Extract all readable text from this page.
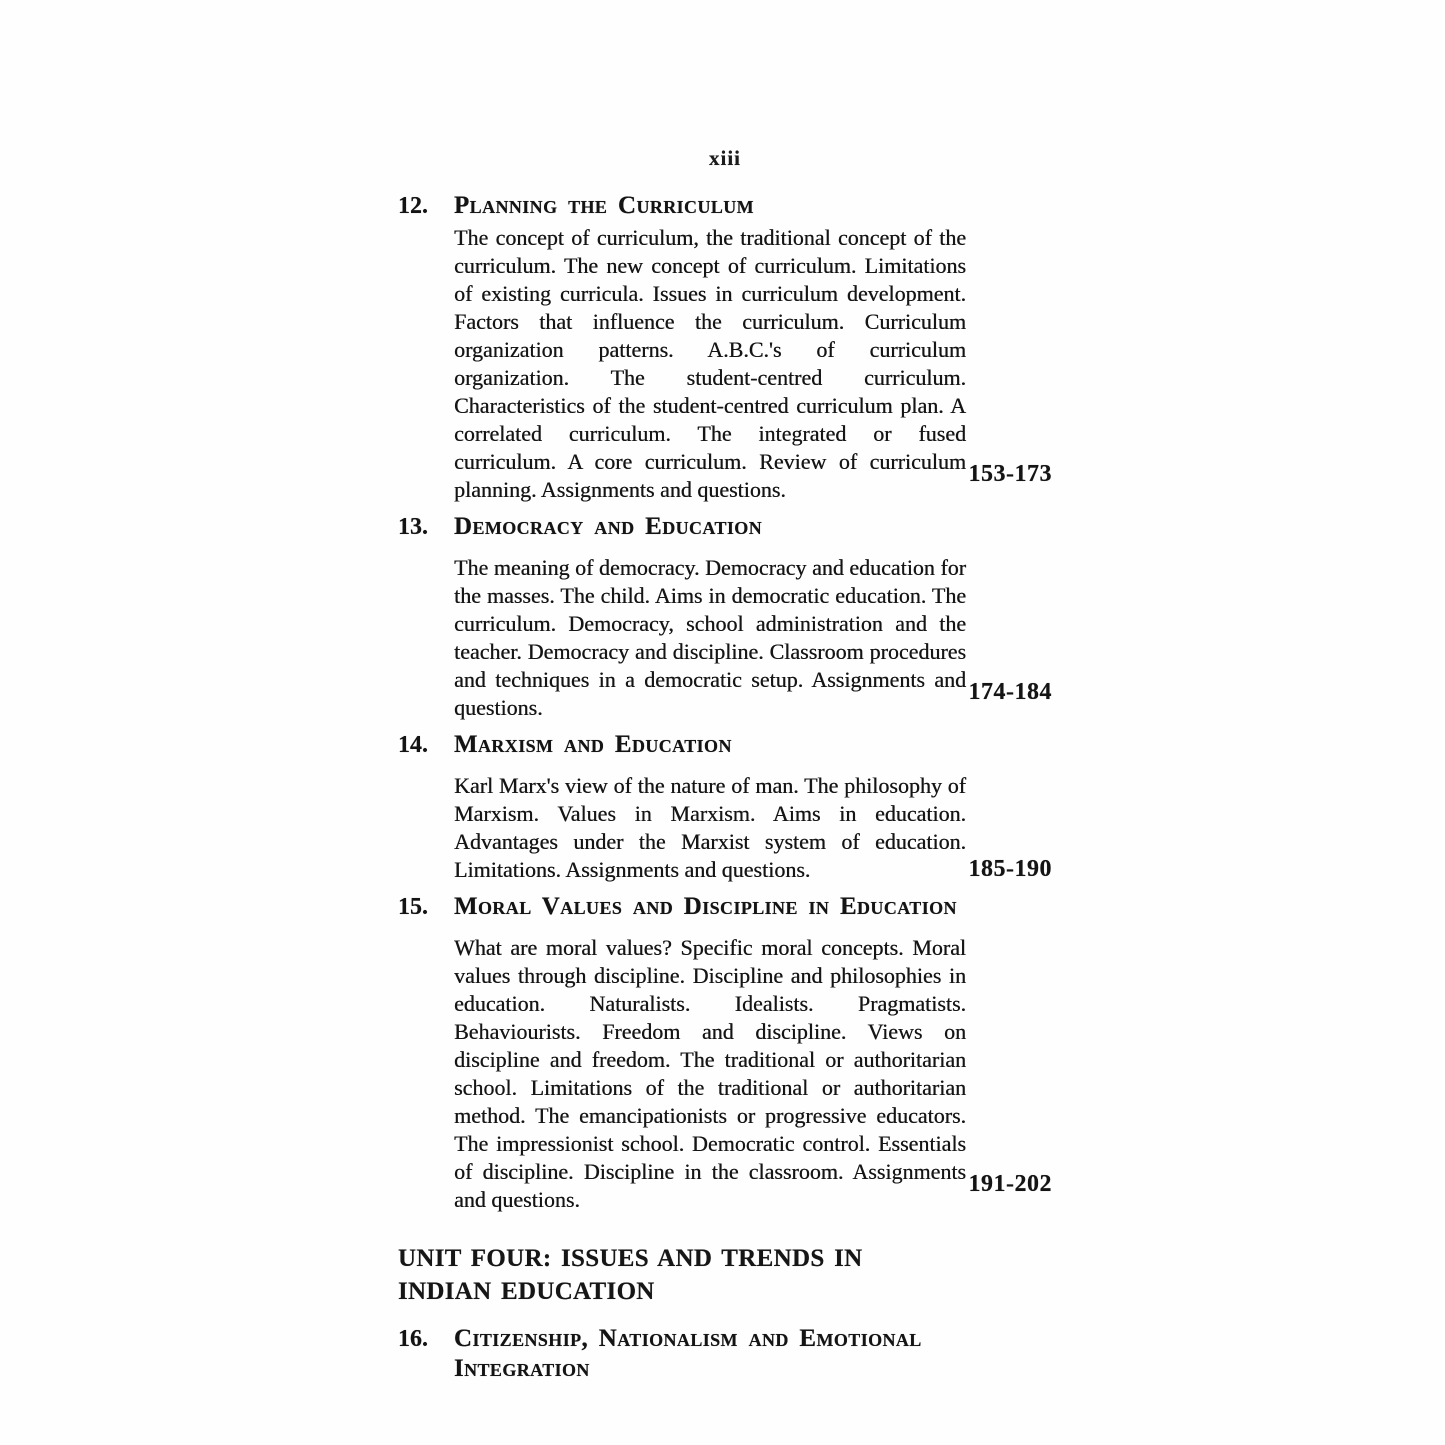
xiii
12.	Planning the Curriculum

The concept of curriculum, the traditional concept of the curriculum. The new concept of curriculum. Limitations of existing curricula. Issues in curriculum development. Factors that influence the curriculum. Curriculum organization patterns. A.B.C.'s of curriculum organization. The student-centred curriculum. Characteristics of the student-centred curriculum plan. A correlated curriculum. The integrated or fused curriculum. A core curriculum. Review of curriculum planning. Assignments and questions.

153-173
13.	Democracy and Education

The meaning of democracy. Democracy and education for the masses. The child. Aims in democratic education. The curriculum. Democracy, school administration and the teacher. Democracy and discipline. Classroom procedures and techniques in a democratic setup. Assignments and questions.

174-184
14.	Marxism and Education

Karl Marx's view of the nature of man. The philosophy of Marxism. Values in Marxism. Aims in education. Advantages under the Marxist system of education. Limitations. Assignments and questions.	185-190
15.	Moral Values and Discipline in Education

What are moral values? Specific moral concepts. Moral values through discipline. Discipline and philosophies in education. Naturalists. Idealists. Pragmatists. Behaviourists. Freedom and discipline. Views on discipline and freedom. The traditional or authoritarian school. Limitations of the traditional or authoritarian method. The emancipationists or progressive educators. The impressionist school. Democratic control. Essentials of discipline. Discipline in the classroom. Assignments and questions.

191-202
UNIT FOUR: ISSUES AND TRENDS IN INDIAN EDUCATION
16.	Citizenship, Nationalism and Emotional Integration
